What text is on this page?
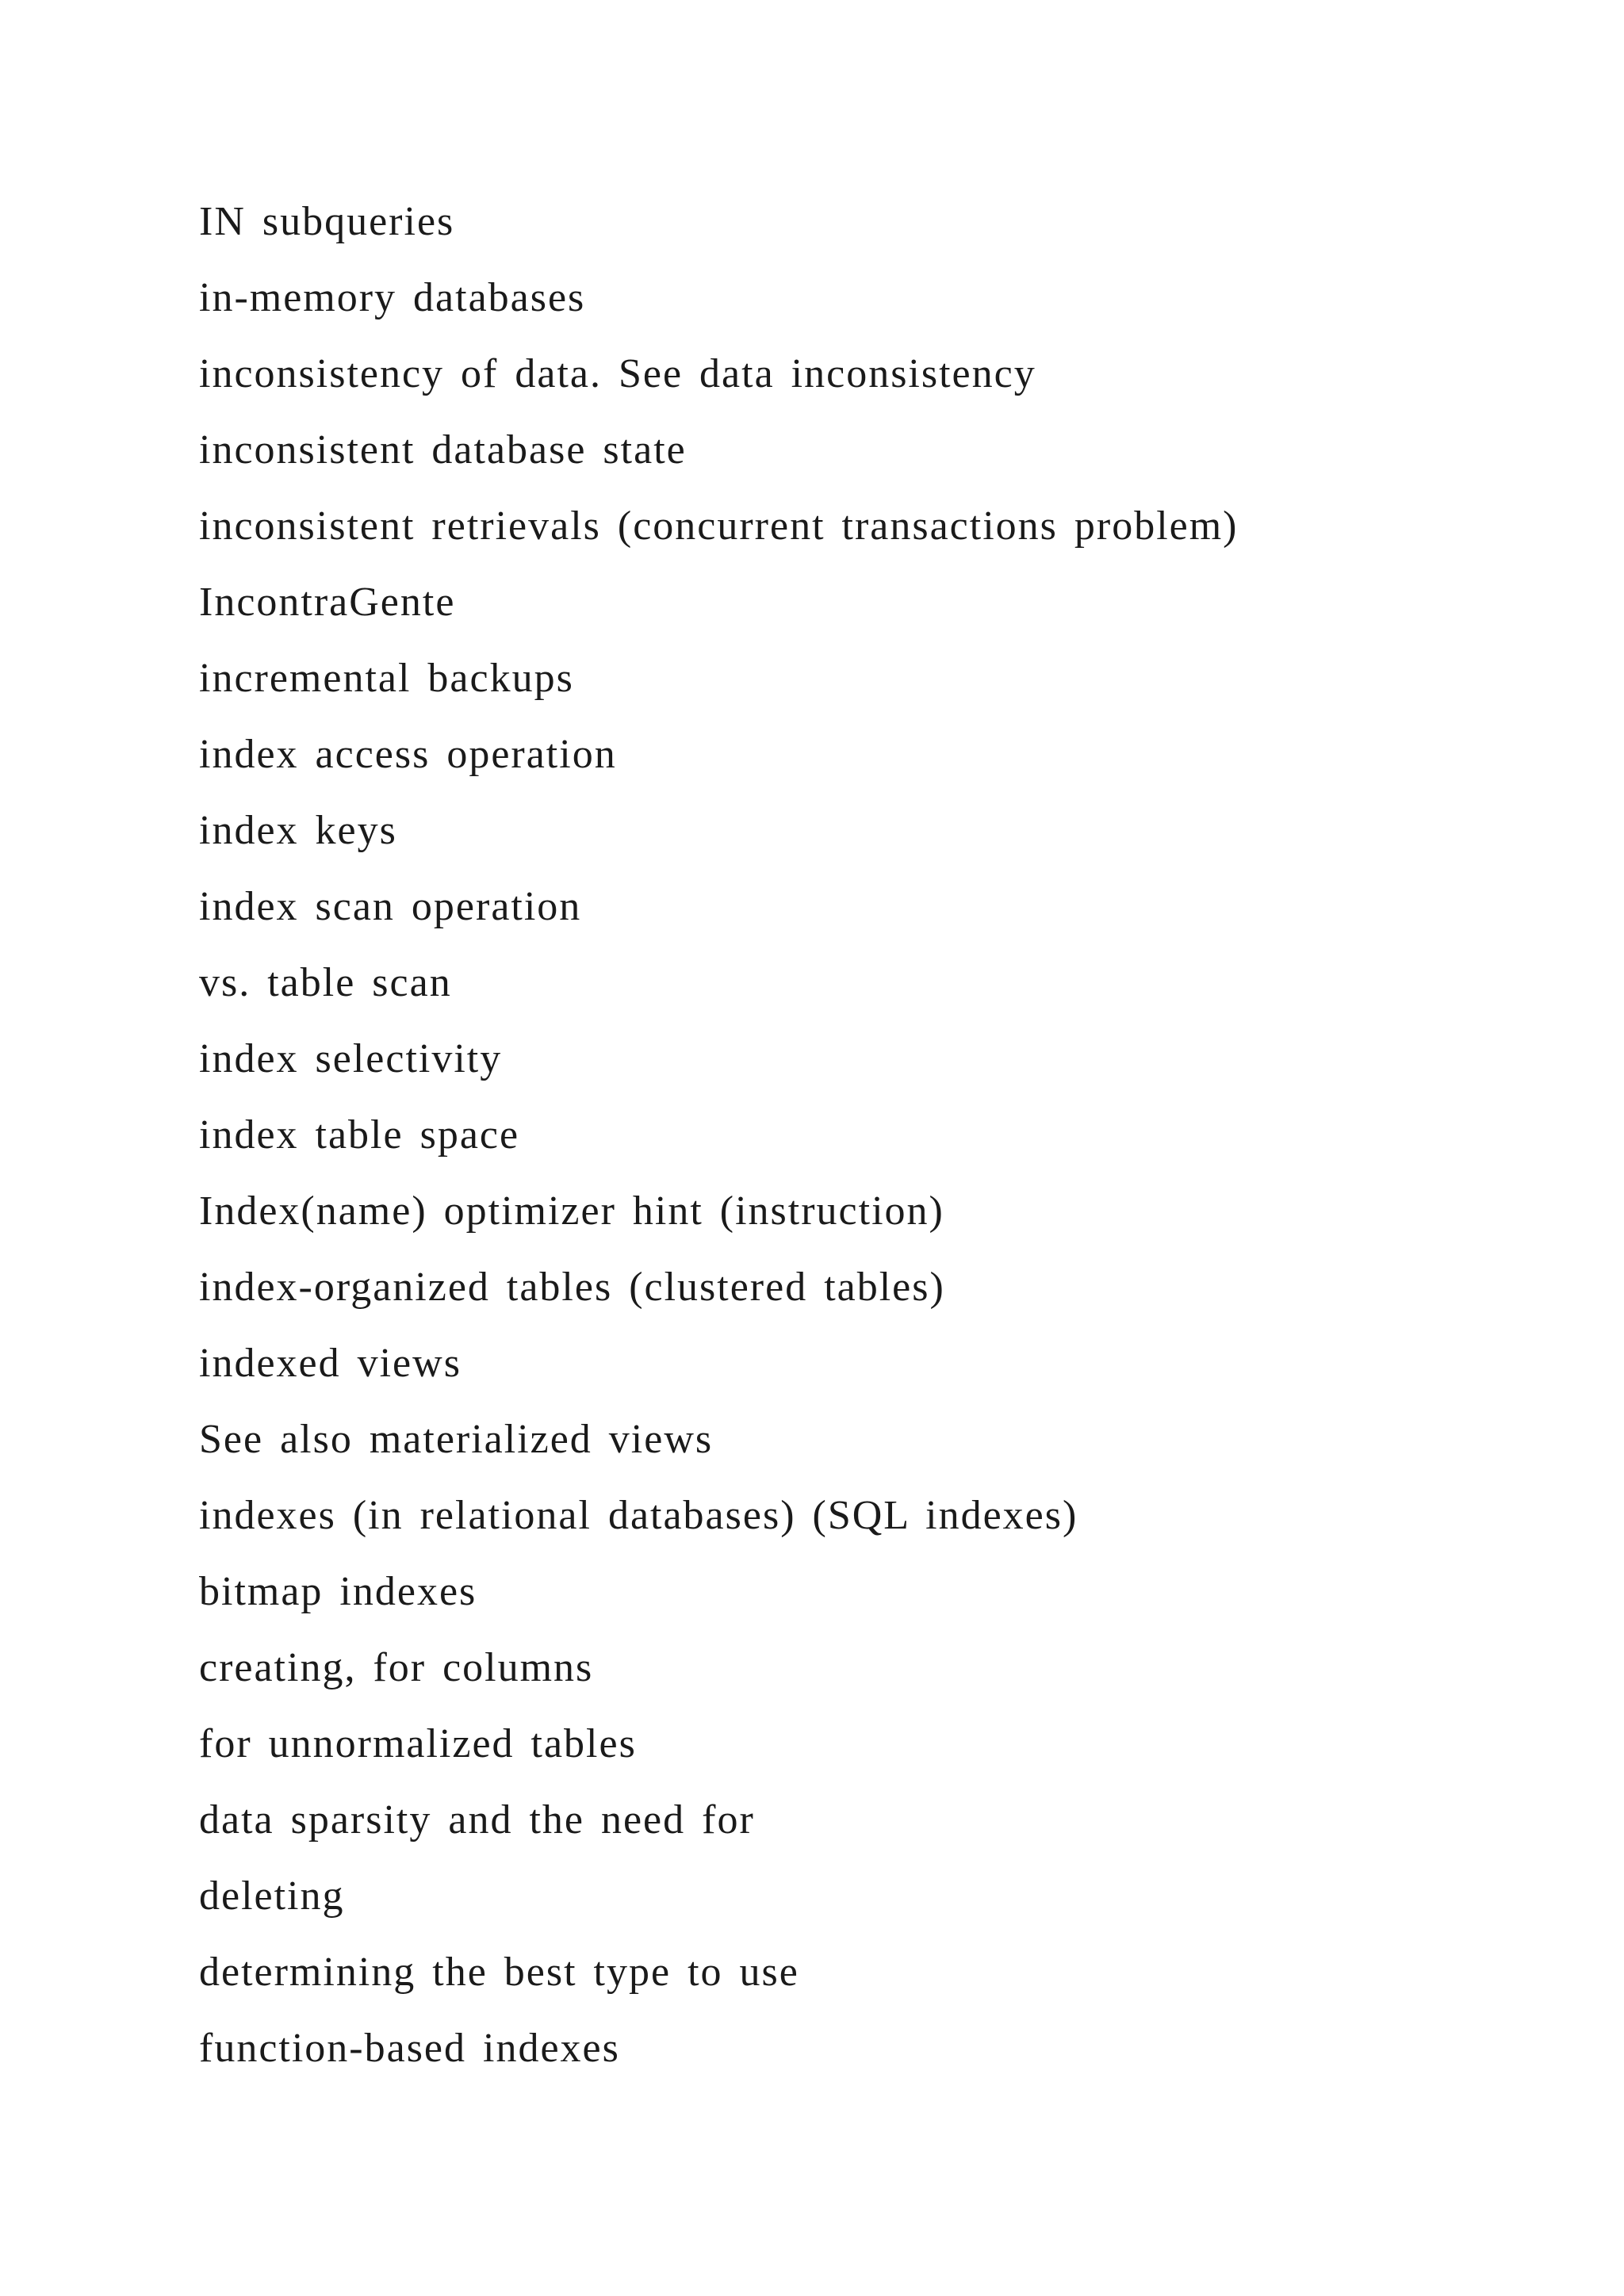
IN subqueries
in-memory databases
inconsistency of data. See data inconsistency
inconsistent database state
inconsistent retrievals (concurrent transactions problem)
IncontraGente
incremental backups
index access operation
index keys
index scan operation
vs. table scan
index selectivity
index table space
Index(name) optimizer hint (instruction)
index-organized tables (clustered tables)
indexed views
See also materialized views
indexes (in relational databases) (SQL indexes)
bitmap indexes
creating, for columns
for unnormalized tables
data sparsity and the need for
deleting
determining the best type to use
function-based indexes
